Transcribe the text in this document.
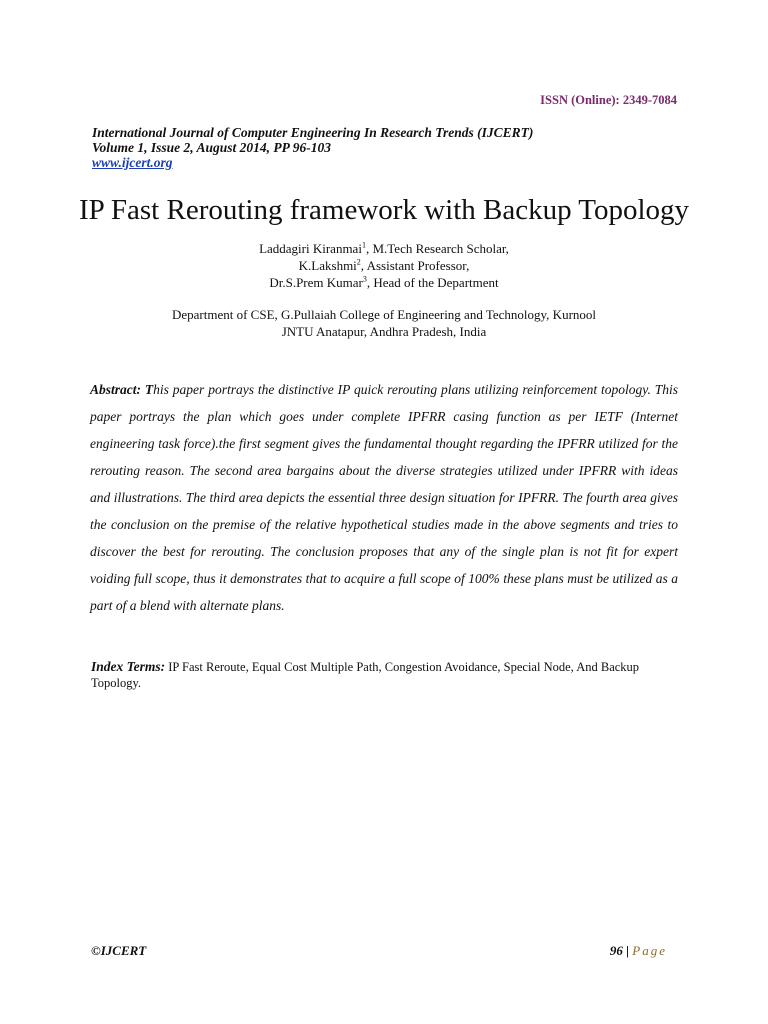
ISSN (Online): 2349-7084
International Journal of Computer Engineering In Research Trends (IJCERT)
Volume 1, Issue 2, August 2014, PP 96-103
www.ijcert.org
IP Fast Rerouting framework with Backup Topology
Laddagiri Kiranmai$^1$, M.Tech Research Scholar,
K.Lakshmi$^2$, Assistant Professor,
Dr.S.Prem Kumar$^3$, Head of the Department
Department of CSE, G.Pullaiah College of Engineering and Technology, Kurnool
JNTU Anatapur, Andhra Pradesh, India
Abstract: This paper portrays the distinctive IP quick rerouting plans utilizing reinforcement topology. This paper portrays the plan which goes under complete IPFRR casing function as per IETF (Internet engineering task force).the first segment gives the fundamental thought regarding the IPFRR utilized for the rerouting reason. The second area bargains about the diverse strategies utilized under IPFRR with ideas and illustrations. The third area depicts the essential three design situation for IPFRR. The fourth area gives the conclusion on the premise of the relative hypothetical studies made in the above segments and tries to discover the best for rerouting. The conclusion proposes that any of the single plan is not fit for expert voiding full scope, thus it demonstrates that to acquire a full scope of 100% these plans must be utilized as a part of a blend with alternate plans.
Index Terms: IP Fast Reroute, Equal Cost Multiple Path, Congestion Avoidance, Special Node, And Backup Topology.
©IJCERT	96 | Page
